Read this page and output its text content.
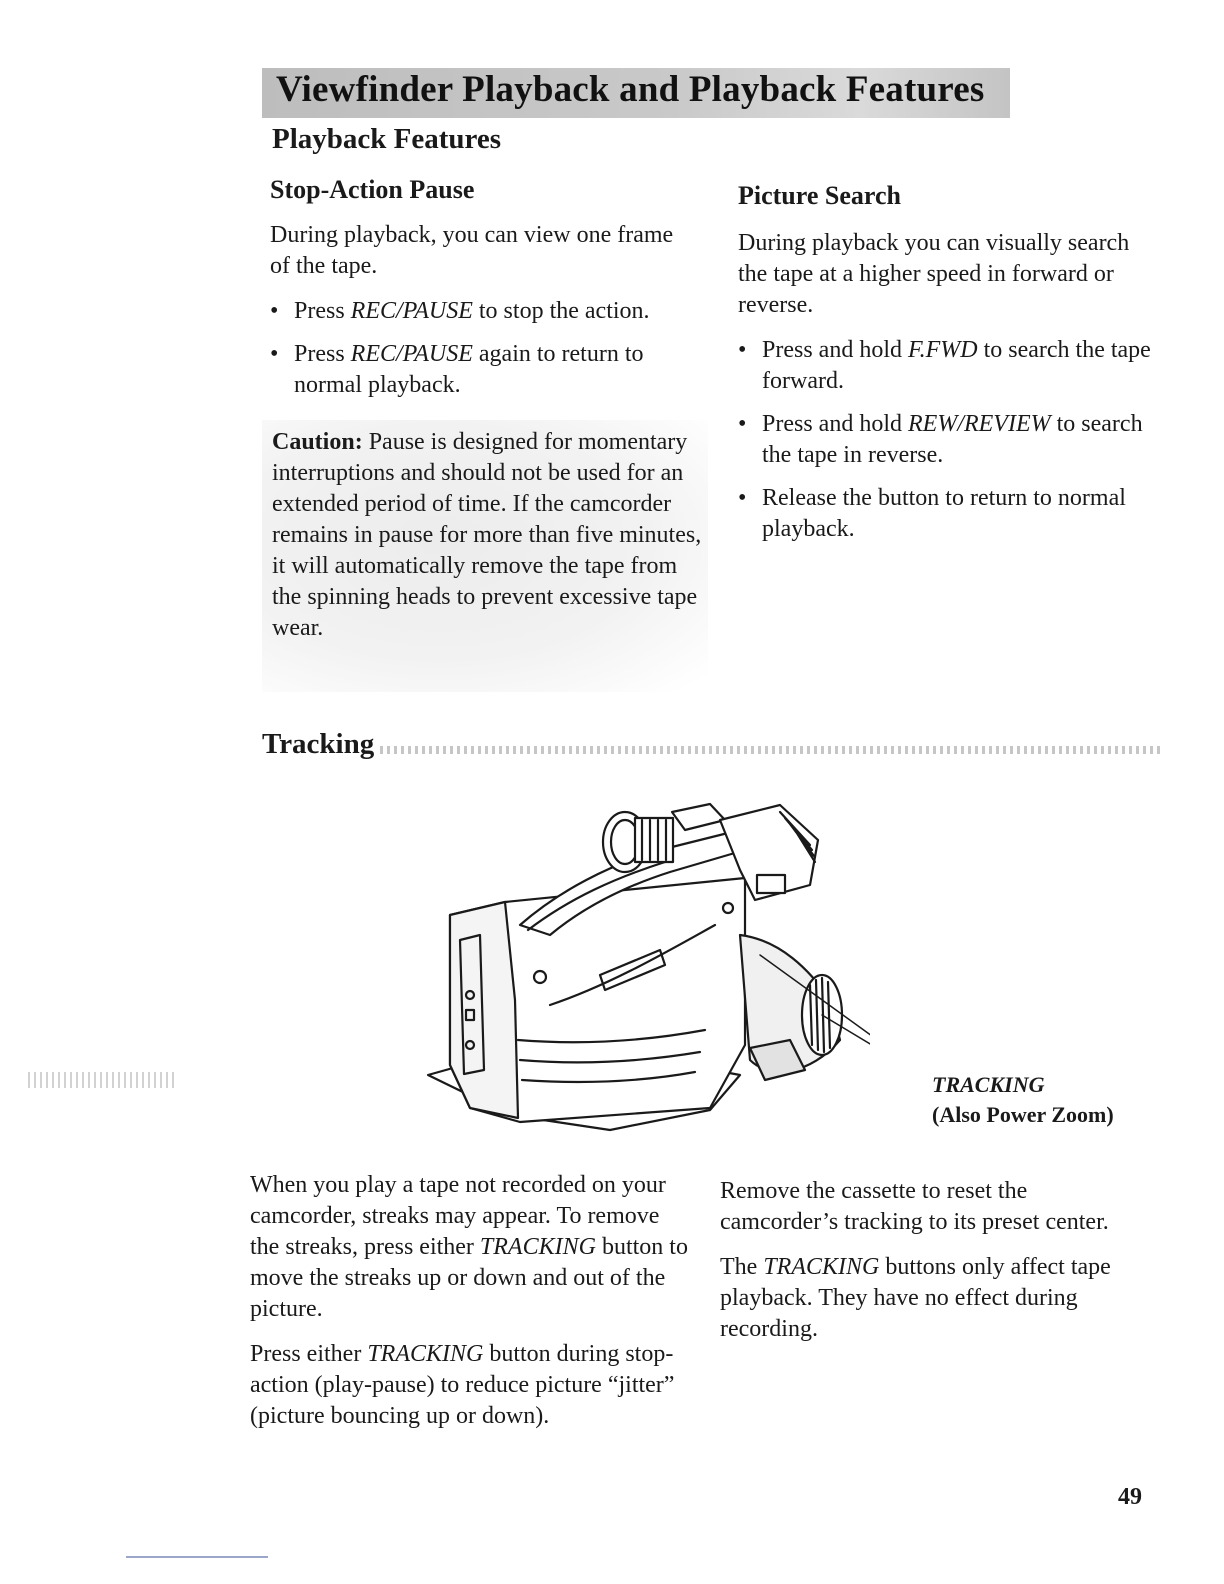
Viewfinder Playback and Playback Features
Playback Features
Stop-Action Pause

During playback, you can view one frame of the tape.

• Press REC/PAUSE to stop the action.
• Press REC/PAUSE again to return to normal playback.
Caution: Pause is designed for momentary interruptions and should not be used for an extended period of time. If the camcorder remains in pause for more than five minutes, it will automatically remove the tape from the spinning heads to prevent excessive tape wear.
Picture Search

During playback you can visually search the tape at a higher speed in forward or reverse.

• Press and hold F.FWD to search the tape forward.
• Press and hold REW/REVIEW to search the tape in reverse.
• Release the button to return to normal playback.
Tracking
TRACKING
(Also Power Zoom)

When you play a tape not recorded on your camcorder, streaks may appear. To remove the streaks, press either TRACKING button to move the streaks up or down and out of the picture.

Press either TRACKING button during stop-action (play-pause) to reduce picture “jitter” (picture bouncing up or down).

Remove the cassette to reset the camcorder’s tracking to its preset center.

The TRACKING buttons only affect tape playback. They have no effect during recording.

49
